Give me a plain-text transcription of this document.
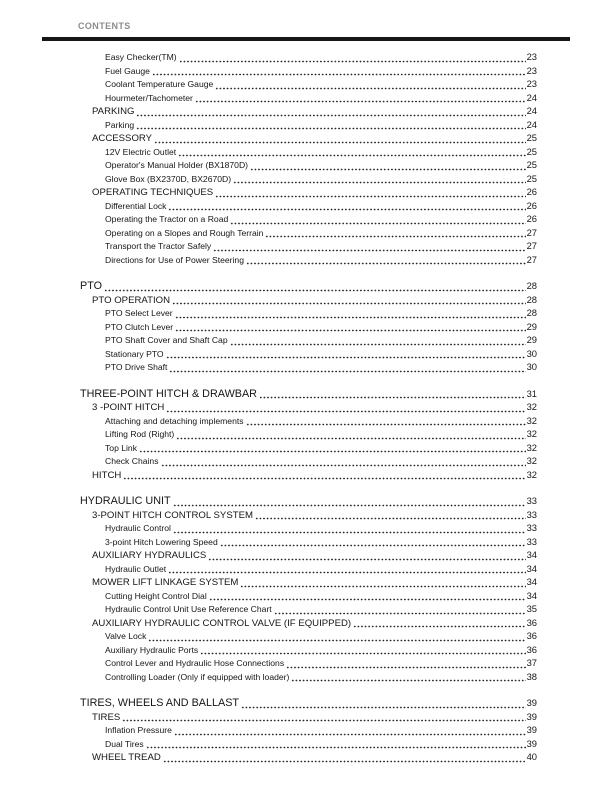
CONTENTS
Easy Checker(TM)	23
Fuel Gauge	23
Coolant Temperature Gauge	23
Hourmeter/Tachometer	24
PARKING	24
Parking	24
ACCESSORY	25
12V Electric Outlet	25
Operator's Manual Holder (BX1870D)	25
Glove Box (BX2370D, BX2670D)	25
OPERATING TECHNIQUES	26
Differential Lock	26
Operating the Tractor on a Road	26
Operating on a Slopes and Rough Terrain	27
Transport the Tractor Safely	27
Directions for Use of Power Steering	27
PTO	28
PTO OPERATION	28
PTO Select Lever	28
PTO Clutch Lever	29
PTO Shaft Cover and Shaft Cap	29
Stationary PTO	30
PTO Drive Shaft	30
THREE-POINT HITCH & DRAWBAR	31
3 -POINT HITCH	32
Attaching and detaching implements	32
Lifting Rod (Right)	32
Top Link	32
Check Chains	32
HITCH	32
HYDRAULIC UNIT	33
3-POINT HITCH CONTROL SYSTEM	33
Hydraulic Control	33
3-point Hitch Lowering Speed	33
AUXILIARY HYDRAULICS	34
Hydraulic Outlet	34
MOWER LIFT LINKAGE SYSTEM	34
Cutting Height Control Dial	34
Hydraulic Control Unit Use Reference Chart	35
AUXILIARY HYDRAULIC CONTROL VALVE (IF EQUIPPED)	36
Valve Lock	36
Auxiliary Hydraulic Ports	36
Control Lever and Hydraulic Hose Connections	37
Controlling Loader (Only if equipped with loader)	38
TIRES, WHEELS AND BALLAST	39
TIRES	39
Inflation Pressure	39
Dual Tires	39
WHEEL TREAD	40
